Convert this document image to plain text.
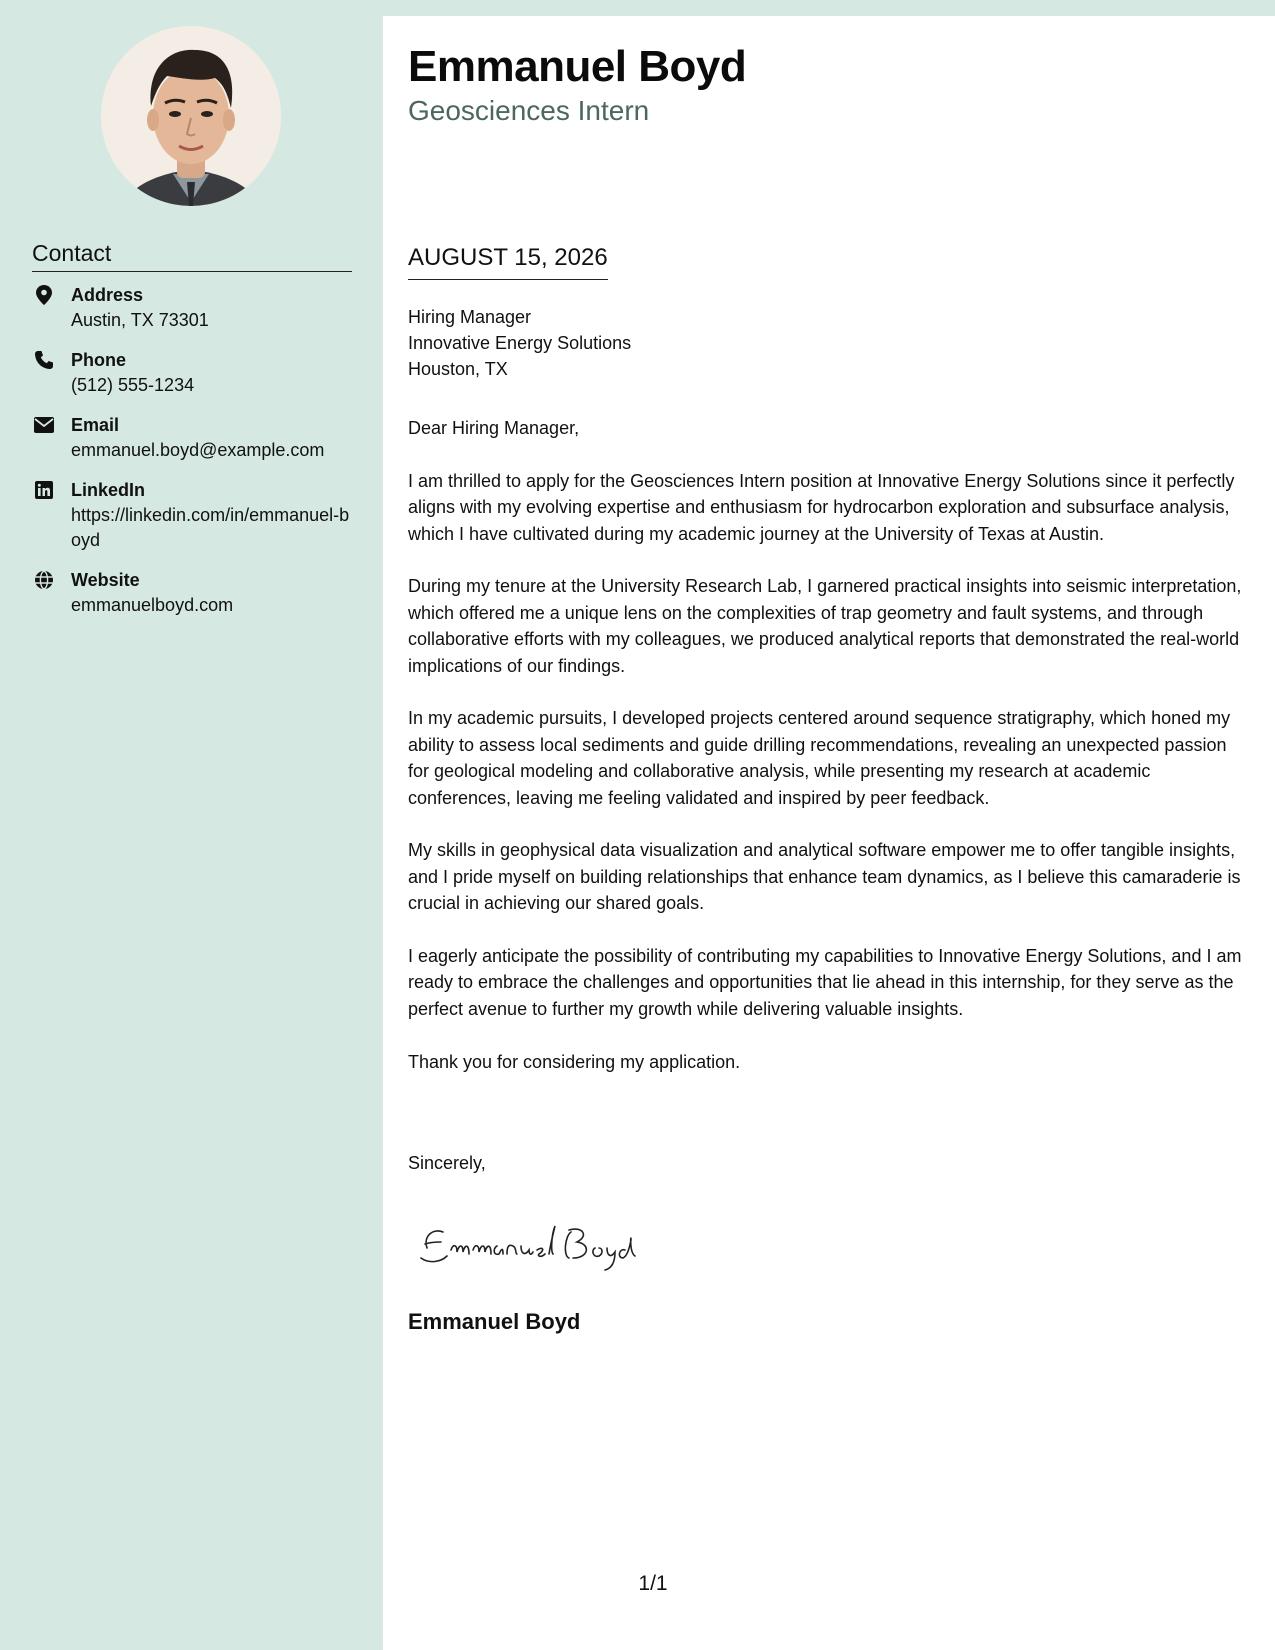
Contact
Address
Austin, TX 73301
Phone
(512) 555-1234
Email
emmanuel.boyd@example.com
LinkedIn
https://linkedin.com/in/emmanuel-boyd
Website
emmanuelboyd.com
Emmanuel Boyd
Geosciences Intern
AUGUST 15, 2026
Hiring Manager
Innovative Energy Solutions
Houston, TX

Dear Hiring Manager,

I am thrilled to apply for the Geosciences Intern position at Innovative Energy Solutions since it perfectly aligns with my evolving expertise and enthusiasm for hydrocarbon exploration and subsurface analysis, which I have cultivated during my academic journey at the University of Texas at Austin.

During my tenure at the University Research Lab, I garnered practical insights into seismic interpretation, which offered me a unique lens on the complexities of trap geometry and fault systems, and through collaborative efforts with my colleagues, we produced analytical reports that demonstrated the real-world implications of our findings.

In my academic pursuits, I developed projects centered around sequence stratigraphy, which honed my ability to assess local sediments and guide drilling recommendations, revealing an unexpected passion for geological modeling and collaborative analysis, while presenting my research at academic conferences, leaving me feeling validated and inspired by peer feedback.

My skills in geophysical data visualization and analytical software empower me to offer tangible insights, and I pride myself on building relationships that enhance team dynamics, as I believe this camaraderie is crucial in achieving our shared goals.

I eagerly anticipate the possibility of contributing my capabilities to Innovative Energy Solutions, and I am ready to embrace the challenges and opportunities that lie ahead in this internship, for they serve as the perfect avenue to further my growth while delivering valuable insights.

Thank you for considering my application.

Sincerely,
Emmanuel Boyd
1/1
